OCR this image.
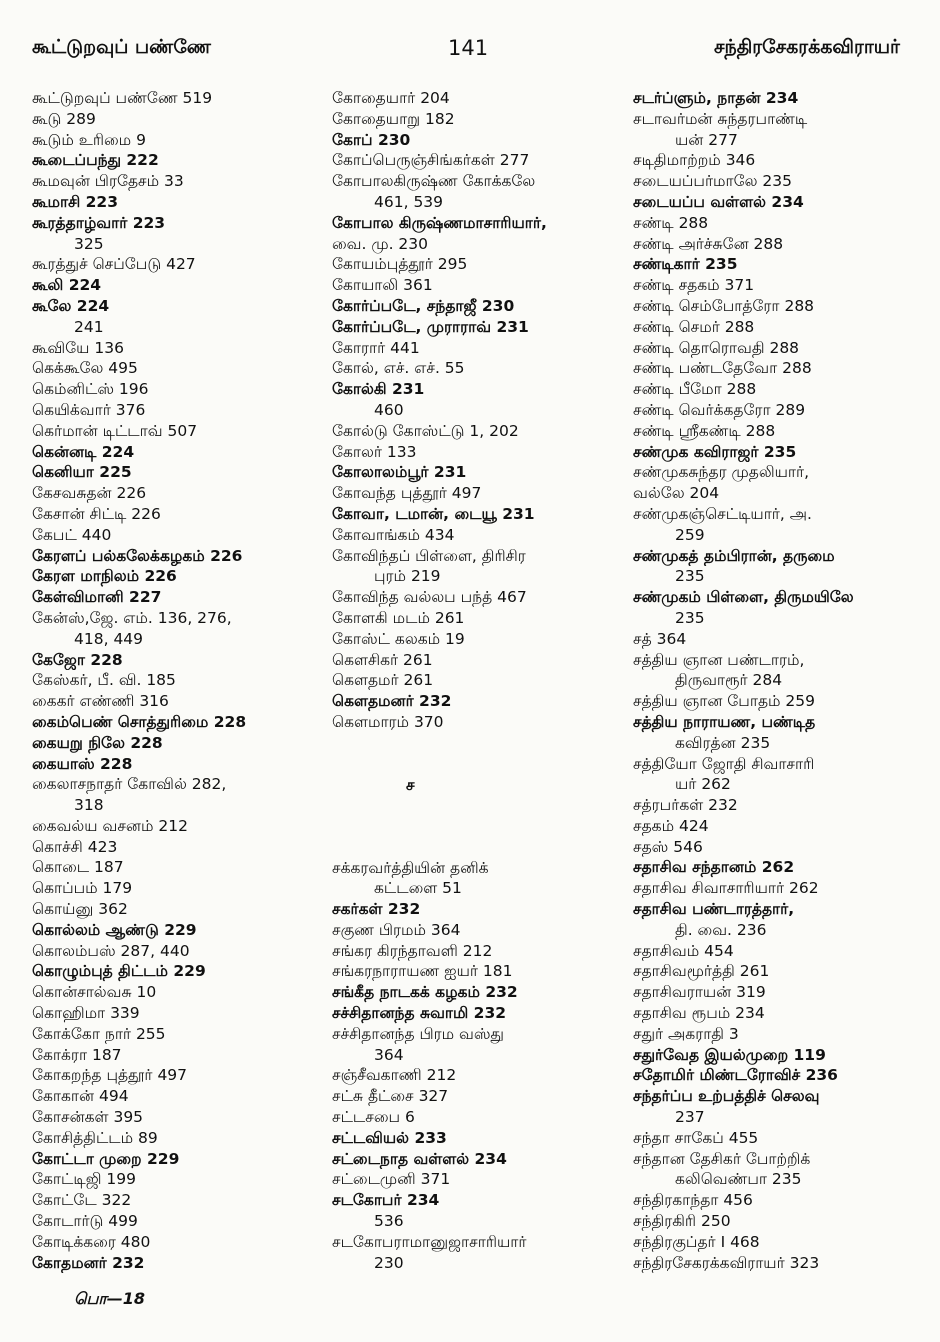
கூட்டுறவுப் பண்ணே	141	சந்திரசேகரக்கவிராயர்
கூட்டுறவுப் பண்ணே 519
கூடு 289
கூடும் உரிமை 9
கூடைப்பந்து 222
கூமவுன் பிரதேசம் 33
கூமாசி 223
கூரத்தாழ்வார் 223
325
கூரத்துச் செப்பேடு 427
கூலி 224
கூலே 224
241
கூவியே 136
கெக்கூலே 495
கெம்னிட்ஸ் 196
கெயிக்வார் 376
கெர்மான் டிட்டாவ் 507
கென்னடி 224
கெனியா 225
கேசவசுதன் 226
கேசான் சிட்டி 226
கேபட் 440
கேரளப் பல்கலேக்கழகம் 226
கேரள மாநிலம் 226
கேள்விமானி 227
கேன்ஸ்,ஜே. எம். 136, 276,
418, 449
கேஜோ 228
கேஸ்கர், பீ. வி. 185
கைகர் எண்ணி 316
கைம்பெண் சொத்துரிமை 228
கையறு நிலே 228
கையாஸ் 228
கைலாசநாதர் கோவில் 282,
318
கைவல்ய வசனம் 212
கொச்சி 423
கொடை 187
கொப்பம் 179
கொய்னு 362
கொல்லம் ஆண்டு 229
கொலம்பஸ் 287, 440
கொழும்புத் திட்டம் 229
கொன்சால்வசு 10
கொஹிமா 339
கோக்கோ நார் 255
கோக்ரா 187
கோகறந்த புத்தூர் 497
கோகான் 494
கோசன்கள் 395
கோசித்திட்டம் 89
கோட்டா முறை 229
கோட்டிஜி 199
கோட்டே 322
கோடார்டு 499
கோடிக்கரை 480
கோதமனர் 232
கோதையார் 204
கோதையாறு 182
கோப் 230
கோப்பெருஞ்சிங்கர்கள் 277
கோபாலகிருஷ்ண கோக்கலே
461, 539
கோபால கிருஷ்ணமாசாரியார்,
வை. மு. 230
கோயம்புத்தூர் 295
கோயாலி 361
கோர்ப்படே, சந்தாஜீ 230
கோர்ப்படே, முராராவ் 231
கோரார் 441
கோல், எச். எச். 55
கோல்கி 231
460
கோல்டு கோஸ்ட்டு 1, 202
கோலர் 133
கோலாலம்பூர் 231
கோவந்த புத்தூர் 497
கோவா, டமான், டையூ 231
கோவாங்கம் 434
கோவிந்தப் பிள்ளை, திரிசிர
புரம் 219
கோவிந்த வல்லப பந்த் 467
கோளகி மடம் 261
கோஸ்ட் கலகம் 19
கௌசிகர் 261
கௌதமர் 261
கௌதமனர் 232
கௌமாரம் 370
ச
சக்கரவர்த்தியின் தனிக்
கட்டளை 51
சகர்கள் 232
சகுண பிரமம் 364
சங்கர கிரந்தாவளி 212
சங்கரநாராயண ஐயர் 181
சங்கீத நாடகக் கழகம் 232
சச்சிதானந்த சுவாமி 232
சச்சிதானந்த பிரம வஸ்து
364
சஞ்சீவகாணி 212
சட்சு தீட்சை 327
சட்டசபை 6
சட்டவியல் 233
சட்டைநாத வள்ளல் 234
சட்டைமுனி 371
சடகோபர் 234
536
சடகோபராமானுஜாசாரியார்
230
சடர்ப்ளும், நாதன் 234
சடாவர்மன் சுந்தரபாண்டி
யன் 277
சடிதிமாற்றம் 346
சடையப்பர்மாலே 235
சடையப்ப வள்ளல் 234
சண்டி 288
சண்டி அர்ச்சுனே 288
சண்டிகார் 235
சண்டி சதகம் 371
சண்டி செம்போத்ரோ 288
சண்டி செமர் 288
சண்டி தொரொவதி 288
சண்டி பண்டதேவோ 288
சண்டி பீமோ 288
சண்டி வெர்க்கதரோ 289
சண்டி ஸ்ரீகண்டி 288
சண்முக கவிராஜர் 235
சண்முகசுந்தர முதலியார்,
வல்லே 204
சண்முகஞ்செட்டியார், அ.
259
சண்முகத் தம்பிரான், தருமை
235
சண்முகம் பிள்ளை, திருமயிலே
235
சத் 364
சத்திய ஞான பண்டாரம்,
திருவாரூர் 284
சத்திய ஞான போதம் 259
சத்திய நாராயண, பண்டித
கவிரத்ன 235
சத்தியோ ஜோதி சிவாசாரி
யர் 262
சத்ரபர்கள் 232
சதகம் 424
சதஸ் 546
சதாசிவ சந்தானம் 262
சதாசிவ சிவாசாரியார் 262
சதாசிவ பண்டாரத்தார்,
தி. வை. 236
சதாசிவம் 454
சதாசிவமூர்த்தி 261
சதாசிவராயன் 319
சதாசிவ ரூபம் 234
சதுர் அகராதி 3
சதுர்வேத இயல்முறை 119
சதோமிர் மிண்டரோவிச் 236
சந்தர்ப்ப உற்பத்திச் செலவு
237
சந்தா சாகேப் 455
சந்தான தேசிகர் போற்றிக்
கலிவெண்பா 235
சந்திரகாந்தா 456
சந்திரகிரி 250
சந்திரகுப்தர் I 468
சந்திரசேகரக்கவிராயர் 323
பொ—18
